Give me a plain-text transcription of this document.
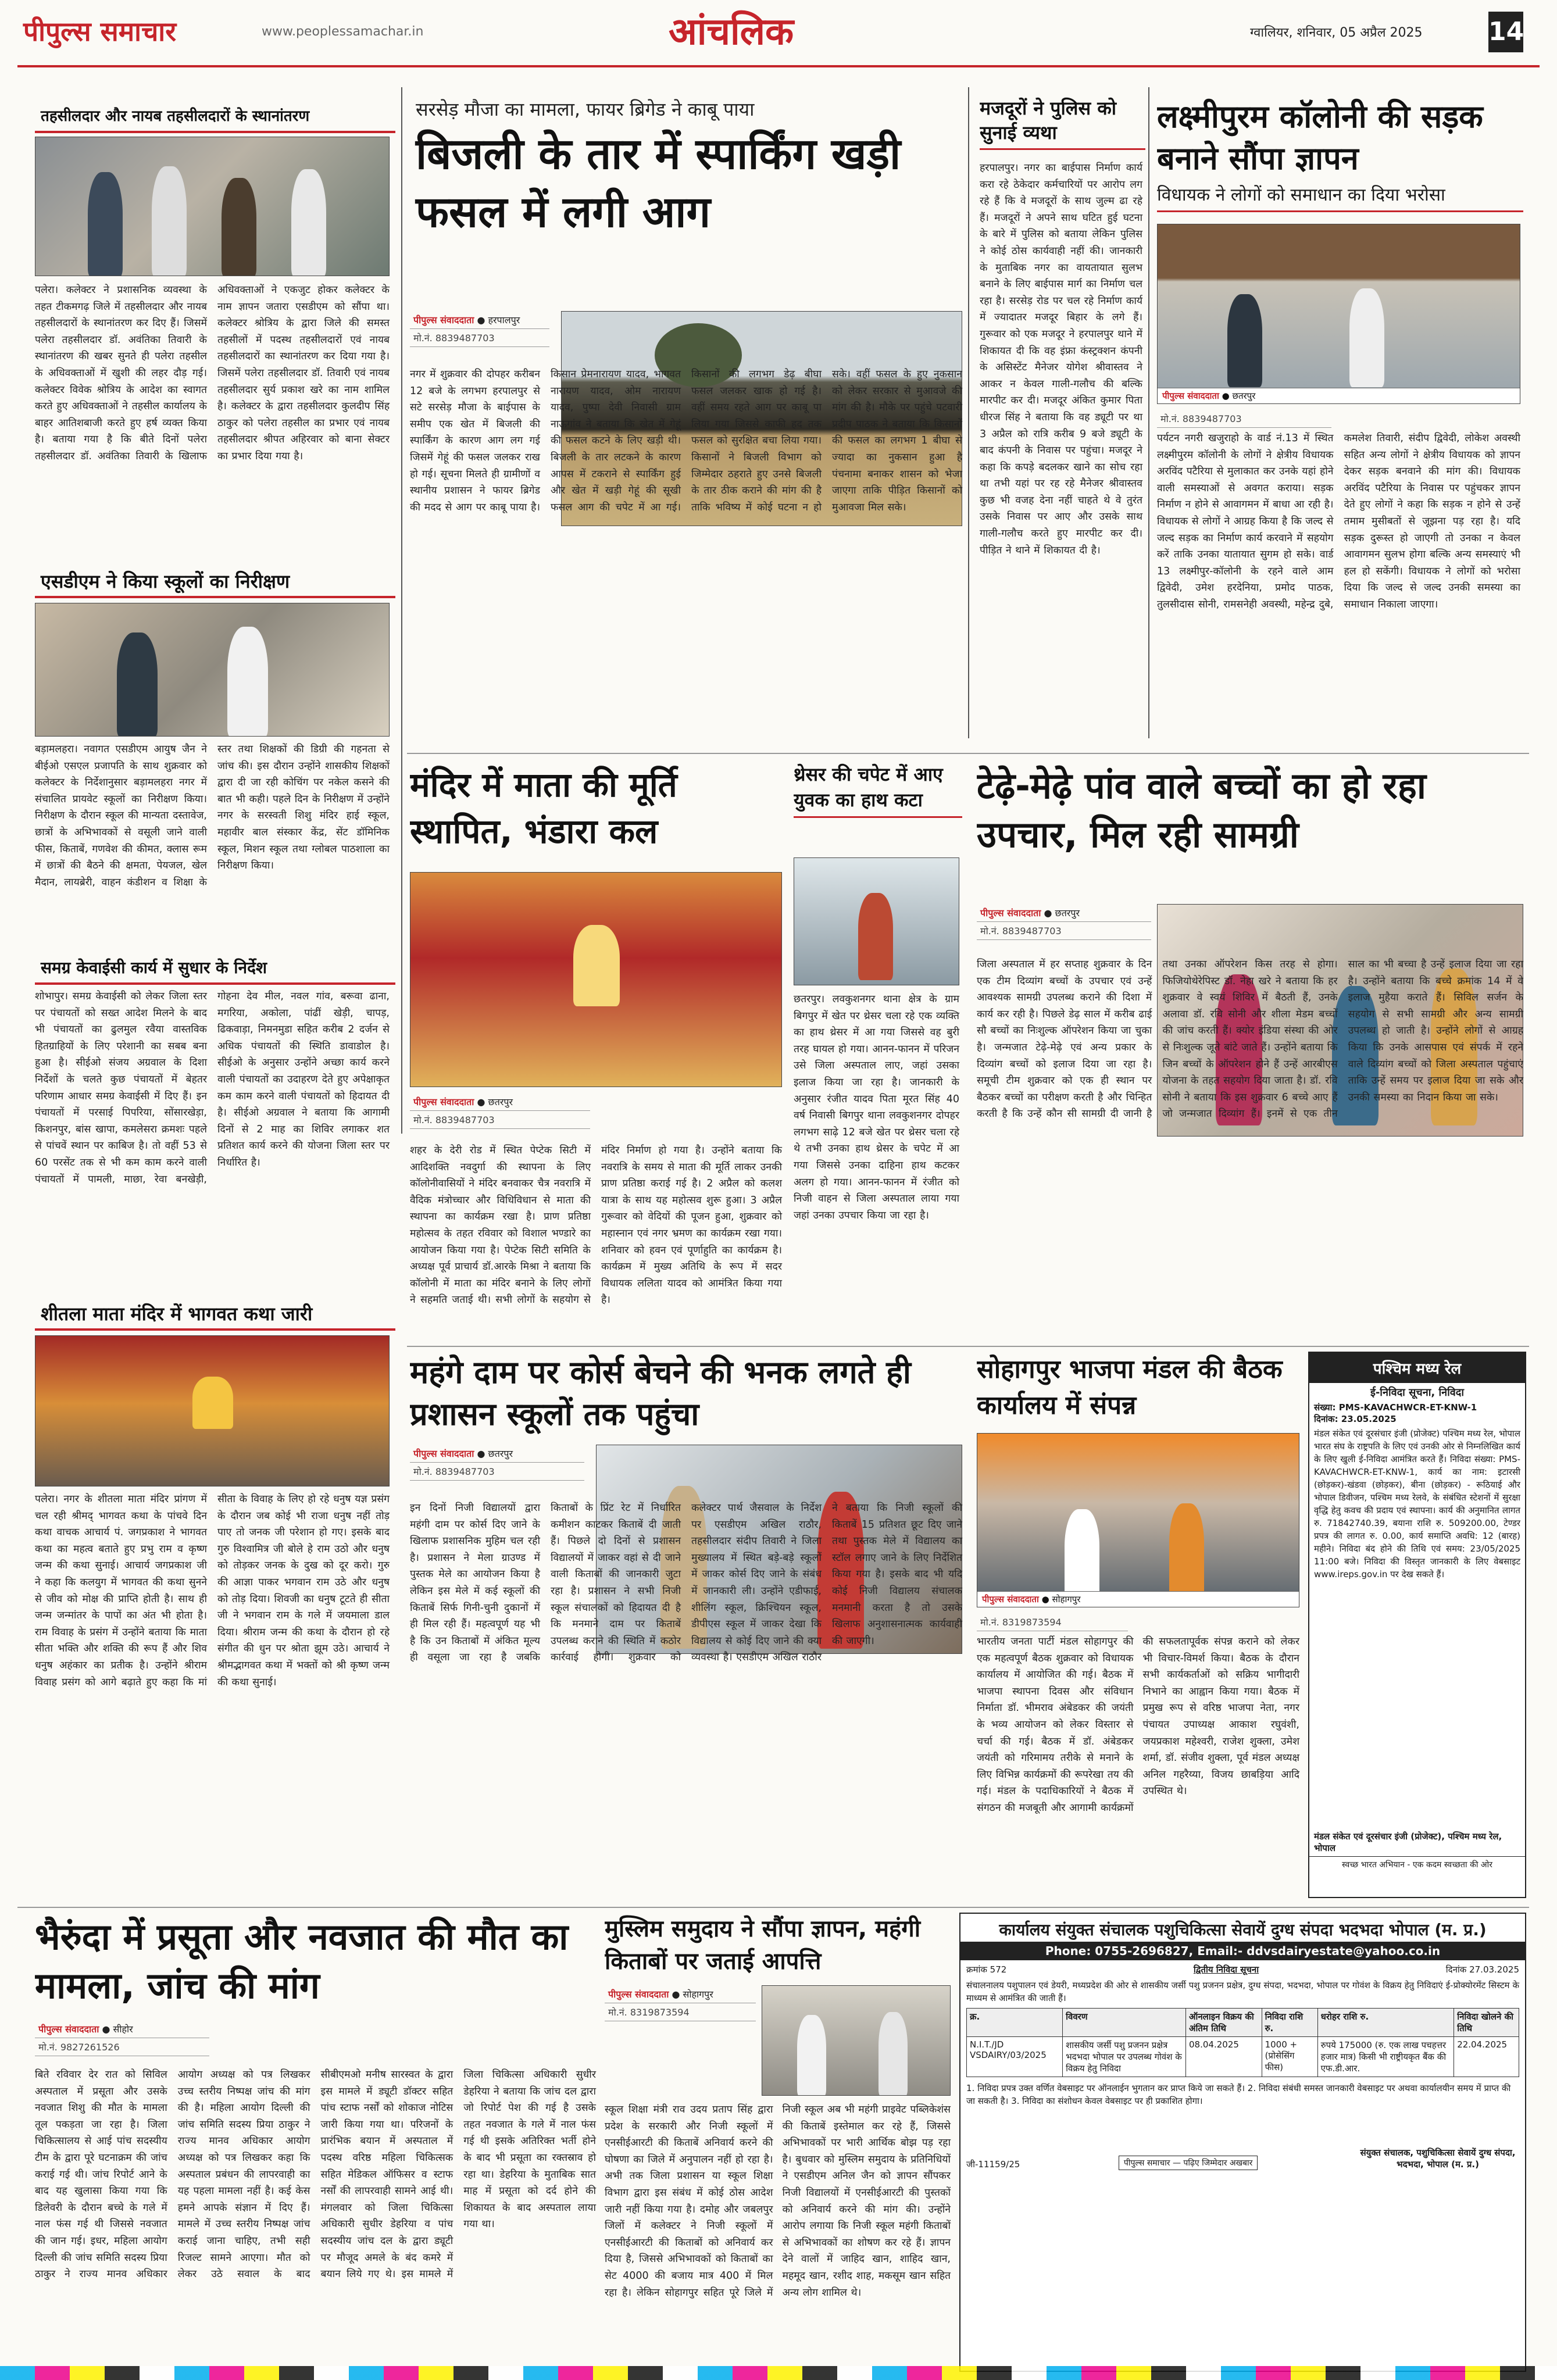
पीपुल्स समाचार	www.peoplessamachar.in	आंचलिक	ग्वालियर, शनिवार, 05 अप्रैल 2025	14
तहसीलदार और नायब तहसीलदारों के स्थानांतरण
पलेरा। कलेक्टर ने प्रशासनिक व्यवस्था के तहत टीकमगढ़ जिले में तहसीलदार और नायब तहसीलदारों के स्थानांतरण कर दिए हैं। जिसमें पलेरा तहसीलदार डॉ. अवंतिका तिवारी के स्थानांतरण की खबर सुनते ही पलेरा तहसील के अधिवक्ताओं में खुशी की लहर दौड़ गई। कलेक्टर विवेक श्रोत्रिय के आदेश का स्वागत करते हुए अधिवक्ताओं ने तहसील कार्यालय के बाहर आतिशबाजी करते हुए हर्ष व्यक्त किया है। बताया गया है कि बीते दिनों पलेरा तहसीलदार डॉ. अवंतिका तिवारी के खिलाफ अधिवक्ताओं ने एकजुट होकर कलेक्टर के नाम ज्ञापन जतारा एसडीएम को सौंपा था। कलेक्टर श्रोत्रिय के द्वारा जिले की समस्त तहसीलों में पदस्थ तहसीलदारों एवं नायब तहसीलदारों का स्थानांतरण कर दिया गया है। जिसमें पलेरा तहसीलदार डॉ. तिवारी एवं नायब तहसीलदार सुर्य प्रकाश खरे का नाम शामिल है। कलेक्टर के द्वारा तहसीलदार कुलदीप सिंह ठाकुर को पलेरा तहसील का प्रभार एवं नायब तहसीलदार श्रीपत अहिरवार को बाना सेक्टर का प्रभार दिया गया है।
एसडीएम ने किया स्कूलों का निरीक्षण
बड़ामलहरा। नवागत एसडीएम आयुष जैन ने बीईओ एसएल प्रजापति के साथ शुक्रवार को कलेक्टर के निर्देशानुसार बड़ामलहरा नगर में संचालित प्रायवेट स्कूलों का निरीक्षण किया। निरीक्षण के दौरान स्कूल की मान्यता दस्तावेज, छात्रों के अभिभावकों से वसूली जाने वाली फीस, किताबें, गणवेश की कीमत, क्लास रूम में छात्रों की बैठने की क्षमता, पेयजल, खेल मैदान, लायब्रेरी, वाहन कंडीशन व शिक्षा के स्तर तथा शिक्षकों की डिग्री की गहनता से जांच की। इस दौरान उन्होंने शासकीय शिक्षकों द्वारा दी जा रही कोचिंग पर नकेल कसने की बात भी कही। पहले दिन के निरीक्षण में उन्होंने नगर के सरस्वती शिशु मंदिर हाई स्कूल, महावीर बाल संस्कार केंद्र, सेंट डॉमिनिक स्कूल, मिशन स्कूल तथा ग्लोबल पाठशाला का निरीक्षण किया।
समग्र केवाईसी कार्य में सुधार के निर्देश
शोभापुर। समग्र केवाईसी को लेकर जिला स्तर पर पंचायतों को सख्त आदेश मिलने के बाद भी पंचायतों का ढुलमुल रवैया वास्तविक हितग्राहियों के लिए परेशानी का सबब बना हुआ है। सीईओ संजय अग्रवाल के दिशा निर्देशों के चलते कुछ पंचायतों में बेहतर परिणाम आधार समग्र केवाईसी में दिए हैं। इन पंचायतों में परसाई पिपरिया, सोंसारखेड़ा, किशनपुर, बांस खापा, कमलेसरा क्रमशः पहले से पांचवें स्थान पर काबिज है। तो वहीं 53 से 60 परसेंट तक से भी कम काम करने वाली पंचायतों में पामली, माछा, रेवा बनखेड़ी, गोहना देव मील, नवल गांव, बरूवा ढाना, मगरिया, अकोला, पांढीं खेड़ी, चापड़, ढिकवाड़ा, निमनमुडा सहित करीब 2 दर्जन से अधिक पंचायतों की स्थिति डावाडोल है। सीईओ के अनुसार उन्होंने अच्छा कार्य करने वाली पंचायतों का उदाहरण देते हुए अपेक्षाकृत कम काम करने वाली पंचायतों को हिदायत दी है। सीईओ अग्रवाल ने बताया कि आगामी दिनों से 2 माह का शिविर लगाकर शत प्रतिशत कार्य करने की योजना जिला स्तर पर निर्धारित है।
शीतला माता मंदिर में भागवत कथा जारी
पलेरा। नगर के शीतला माता मंदिर प्रांगण में चल रही श्रीमद् भागवत कथा के पांचवे दिन कथा वाचक आचार्य पं. जगप्रकाश ने भागवत कथा का महत्व बताते हुए प्रभु राम व कृष्ण जन्म की कथा सुनाई। आचार्य जगप्रकाश जी ने कहा कि कलयुग में भागवत की कथा सुनने से जीव को मोक्ष की प्राप्ति होती है। साथ ही जन्म जन्मांतर के पापों का अंत भी होता है। राम विवाह के प्रसंग में उन्होंने बताया कि माता सीता भक्ति और शक्ति की रूप हैं और शिव धनुष अहंकार का प्रतीक है। उन्होंने श्रीराम विवाह प्रसंग को आगे बढ़ाते हुए कहा कि मां सीता के विवाह के लिए हो रहे धनुष यज्ञ प्रसंग के दौरान जब कोई भी राजा धनुष नहीं तोड़ पाए तो जनक जी परेशान हो गए। इसके बाद गुरु विश्वामित्र जी बोले हे राम उठो और धनुष को तोड़कर जनक के दुख को दूर करो। गुरु की आज्ञा पाकर भगवान राम उठे और धनुष को तोड़ दिया। शिवजी का धनुष टूटते ही सीता जी ने भगवान राम के गले में जयमाला डाल दिया। श्रीराम जन्म की कथा के दौरान हो रहे संगीत की धुन पर श्रोता झूम उठे। आचार्य ने श्रीमद्भागवत कथा में भक्तों को श्री कृष्ण जन्म की कथा सुनाई।
सरसेड़ मौजा का मामला, फायर ब्रिगेड ने काबू पाया
बिजली के तार में स्पार्किंग खड़ी फसल में लगी आग
पीपुल्स संवाददाता ● हरपालपुर
मो.नं. 8839487703
नगर में शुक्रवार की दोपहर करीबन 12 बजे के लगभग हरपालपुर से सटे सरसेड़ मौजा के बाईपास के समीप एक खेत में बिजली की स्पार्किंग के कारण आग लग गई जिसमें गेहूं की फसल जलकर राख हो गई। सूचना मिलते ही ग्रामीणों व स्थानीय प्रशासन ने फायर ब्रिगेड की मदद से आग पर काबू पाया है। किसान प्रेमनारायण यादव, भागवत नारायण यादव, ओम नारायण यादव, पुष्पा देवी निवासी ग्राम नाऊगांव ने बताया कि खेत में गेहूं की फसल कटने के लिए खड़ी थी। बिजली के तार लटकने के कारण आपस में टकराने से स्पार्किंग हुई और खेत में खड़ी गेहूं की सूखी फसल आग की चपेट में आ गई। किसानों की लगभग डेढ़ बीघा फसल जलकर खाक हो गई है। वहीं समय रहते आग पर काबू पा लिया गया जिससे काफी हद तक फसल को सुरक्षित बचा लिया गया। किसानों ने बिजली विभाग को जिम्मेदार ठहराते हुए उनसे बिजली के तार ठीक कराने की मांग की है ताकि भविष्य में कोई घटना न हो सके। वहीं फसल के हुए नुकसान को लेकर सरकार से मुआवजे की मांग की है। मौके पर पहुंचे पटवारी प्रदीप पाठक ने बताया कि किसानों की फसल का लगभग 1 बीघा से ज्यादा का नुकसान हुआ है पंचनामा बनाकर शासन को भेजा जाएगा ताकि पीड़ित किसानों को मुआवजा मिल सके।
मजदूरों ने पुलिस को सुनाई व्यथा
हरपालपुर। नगर का बाईपास निर्माण कार्य करा रहे ठेकेदार कर्मचारियों पर आरोप लग रहे हैं कि वे मजदूरों के साथ जुल्म ढा रहे हैं। मजदूरों ने अपने साथ घटित हुई घटना के बारे में पुलिस को बताया लेकिन पुलिस ने कोई ठोस कार्यवाही नहीं की। जानकारी के मुताबिक नगर का वायतायात सुलभ बनाने के लिए बाईपास मार्ग का निर्माण चल रहा है। सरसेड़ रोड पर चल रहे निर्माण कार्य में ज्यादातर मजदूर बिहार के लगे हैं। गुरूवार को एक मजदूर ने हरपालपुर थाने में शिकायत दी कि वह इंफ्रा कंस्ट्रक्शन कंपनी के असिस्टेंट मैनेजर योगेश श्रीवास्तव ने आकर न केवल गाली-गलौच की बल्कि मारपीट कर दी। मजदूर अंकित कुमार पिता धीरज सिंह ने बताया कि वह ड्यूटी पर था 3 अप्रैल को रात्रि करीब 9 बजे ड्यूटी के बाद कंपनी के निवास पर पहुंचा। मजदूर ने कहा कि कपड़े बदलकर खाने का सोच रहा था तभी यहां पर रह रहे मैनेजर श्रीवास्तव कुछ भी वजह देना नहीं चाहते थे वे तुरंत उसके निवास पर आए और उसके साथ गाली-गलौच करते हुए मारपीट कर दी। पीड़ित ने थाने में शिकायत दी है।
लक्ष्मीपुरम कॉलोनी की सड़क बनाने सौंपा ज्ञापन
विधायक ने लोगों को समाधान का दिया भरोसा
पीपुल्स संवाददाता ● छतरपुर
मो.नं. 8839487703
पर्यटन नगरी खजुराहो के वार्ड नं.13 में स्थित लक्ष्मीपुरम कॉलोनी के लोगों ने क्षेत्रीय विधायक अरविंद पटैरिया से मुलाकात कर उनके यहां होने वाली समस्याओं से अवगत कराया। सड़क निर्माण न होने से आवागमन में बाधा आ रही है। विधायक से लोगों ने आग्रह किया है कि जल्द से जल्द सड़क का निर्माण कार्य करवाने में सहयोग करें ताकि उनका यातायात सुगम हो सके। वार्ड 13 लक्ष्मीपुर-कॉलोनी के रहने वाले आम द्विवेदी, उमेश हरदेनिया, प्रमोद पाठक, तुलसीदास सोनी, रामसनेही अवस्थी, महेन्द्र दुबे, कमलेश तिवारी, संदीप द्विवेदी, लोकेश अवस्थी सहित अन्य लोगों ने क्षेत्रीय विधायक को ज्ञापन देकर सड़क बनवाने की मांग की। विधायक अरविंद पटैरिया के निवास पर पहुंचकर ज्ञापन देते हुए लोगों ने कहा कि सड़क न होने से उन्हें तमाम मुसीबतों से जूझना पड़ रहा है। यदि सड़क दुरूस्त हो जाएगी तो उनका न केवल आवागमन सुलभ होगा बल्कि अन्य समस्याएं भी हल हो सकेंगी। विधायक ने लोगों को भरोसा दिया कि जल्द से जल्द उनकी समस्या का समाधान निकाला जाएगा।
मंदिर में माता की मूर्ति स्थापित, भंडारा कल
पीपुल्स संवाददाता ● छतरपुर
मो.नं. 8839487703
शहर के देरी रोड में स्थित पेप्टेक सिटी में आदिशक्ति नवदुर्गा की स्थापना के लिए कॉलोनीवासियों ने मंदिर बनवाकर चैत्र नवरात्रि में वैदिक मंत्रोच्चार और विधिविधान से माता की स्थापना का कार्यक्रम रखा है। प्राण प्रतिष्ठा महोत्सव के तहत रविवार को विशाल भण्डारे का आयोजन किया गया है। पेप्टेक सिटी समिति के अध्यक्ष पूर्व प्राचार्य डॉ.आरके मिश्रा ने बताया कि कॉलोनी में माता का मंदिर बनाने के लिए लोगों ने सहमति जताई थी। सभी लोगों के सहयोग से मंदिर निर्माण हो गया है। उन्होंने बताया कि नवरात्रि के समय से माता की मूर्ति लाकर उनकी प्राण प्रतिष्ठा कराई गई है। 2 अप्रैल को कलश यात्रा के साथ यह महोत्सव शुरू हुआ। 3 अप्रैल गुरूवार को वेदियों की पूजन हुआ, शुक्रवार को महास्नान एवं नगर भ्रमण का कार्यक्रम रखा गया। शनिवार को हवन एवं पूर्णाहुति का कार्यक्रम है। कार्यक्रम में मुख्य अतिथि के रूप में सदर विधायक ललिता यादव को आमंत्रित किया गया है।
थ्रेसर की चपेट में आए युवक का हाथ कटा
छतरपुर। लवकुशनगर थाना क्षेत्र के ग्राम बिगपुर में खेत पर थ्रेसर चला रहे एक व्यक्ति का हाथ थ्रेसर में आ गया जिससे वह बुरी तरह घायल हो गया। आनन-फानन में परिजन उसे जिला अस्पताल लाए, जहां उसका इलाज किया जा रहा है। जानकारी के अनुसार रंजीत यादव पिता मूरत सिंह 40 वर्ष निवासी बिगपुर थाना लवकुशनगर दोपहर लगभग साढ़े 12 बजे खेत पर थ्रेसर चला रहे थे तभी उनका हाथ थ्रेसर के चपेट में आ गया जिससे उनका दाहिना हाथ कटकर अलग हो गया। आनन-फानन में रंजीत को निजी वाहन से जिला अस्पताल लाया गया जहां उनका उपचार किया जा रहा है।
टेढ़े-मेढ़े पांव वाले बच्चों का हो रहा उपचार, मिल रही सामग्री
पीपुल्स संवाददाता ● छतरपुर
मो.नं. 8839487703
जिला अस्पताल में हर सप्ताह शुक्रवार के दिन एक टीम दिव्यांग बच्चों के उपचार एवं उन्हें आवश्यक सामग्री उपलब्ध कराने की दिशा में कार्य कर रही है। पिछले डेढ़ साल में करीब ढाई सौ बच्चों का निःशुल्क ऑपरेशन किया जा चुका है। जन्मजात टेढ़े-मेढ़े एवं अन्य प्रकार के दिव्यांग बच्चों को इलाज दिया जा रहा है। समूची टीम शुक्रवार को एक ही स्थान पर बैठकर बच्चों का परीक्षण करती है और चिन्हित करती है कि उन्हें कौन सी सामग्री दी जानी है तथा उनका ऑपरेशन किस तरह से होगा। फिजियोथेरेपिस्ट डॉ. नेहा खरे ने बताया कि हर शुक्रवार वे स्वयं शिविर में बैठती हैं, उनके अलावा डॉ. रवि सोनी और शीला मेडम बच्चों की जांच करती हैं। क्योर इंडिया संस्था की ओर से निःशुल्क जूते बांटे जाते हैं। उन्होंने बताया कि जिन बच्चों के ऑपरेशन होने हैं उन्हें आरबीएस योजना के तहत सहयोग दिया जाता है। डॉ. रवि सोनी ने बताया कि इस शुक्रवार 6 बच्चे आए हैं जो जन्मजात दिव्यांग हैं। इनमें से एक तीन साल का भी बच्चा है उन्हें इलाज दिया जा रहा है। उन्होंने बताया कि बच्चे क्रमांक 14 में वे इलाज मुहैया कराते हैं। सिविल सर्जन के सहयोग से सभी सामग्री और अन्य सामग्री उपलब्ध हो जाती है। उन्होंने लोगों से आग्रह किया कि उनके आसपास एवं संपर्क में रहने वाले दिव्यांग बच्चों को जिला अस्पताल पहुंचाएं ताकि उन्हें समय पर इलाज दिया जा सके और उनकी समस्या का निदान किया जा सके।
महंगे दाम पर कोर्स बेचने की भनक लगते ही प्रशासन स्कूलों तक पहुंचा
पीपुल्स संवाददाता ● छतरपुर
मो.नं. 8839487703
इन दिनों निजी विद्यालयों द्वारा महंगी दाम पर कोर्स दिए जाने के खिलाफ प्रशासनिक मुहिम चल रही है। प्रशासन ने मेला ग्राउण्ड में पुस्तक मेले का आयोजन किया है लेकिन इस मेले में कई स्कूलों की किताबें सिर्फ गिनी-चुनी दुकानों में ही मिल रही हैं। महत्वपूर्ण यह भी है कि उन किताबों में अंकित मूल्य ही वसूला जा रहा है जबकि किताबों के प्रिंट रेट में निर्धारित कमीशन काटकर किताबें दी जाती हैं। पिछले दो दिनों से प्रशासन विद्यालयों में जाकर वहां से दी जाने वाली किताबों की जानकारी जुटा रहा है। प्रशासन ने सभी निजी स्कूल संचालकों को हिदायत दी है कि मनमाने दाम पर किताबें उपलब्ध कराने की स्थिति में कठोर कार्रवाई होगी। शुक्रवार को कलेक्टर पार्थ जैसवाल के निर्देश पर एसडीएम अखिल राठौर, तहसीलदार संदीप तिवारी ने जिला मुख्यालय में स्थित बड़े-बड़े स्कूलों में जाकर कोर्स दिए जाने के संबंध में जानकारी ली। उन्होंने एडीफाई, शीलिंग स्कूल, क्रिश्चियन स्कूल, डीपीएस स्कूल में जाकर देखा कि विद्यालय से कोई दिए जाने की क्या व्यवस्था है। एसडीएम अखिल राठौर ने बताया कि निजी स्कूलों की किताबें 15 प्रतिशत छूट दिए जाने तथा पुस्तक मेले में विद्यालय का स्टॉल लगाए जाने के लिए निर्देशित किया गया है। इसके बाद भी यदि कोई निजी विद्यालय संचालक मनमानी करता है तो उसके खिलाफ अनुशासनात्मक कार्यवाही की जाएगी।
सोहागपुर भाजपा मंडल की बैठक कार्यालय में संपन्न
पीपुल्स संवाददाता ● सोहागपुर
मो.नं. 8319873594
भारतीय जनता पार्टी मंडल सोहागपुर की एक महत्वपूर्ण बैठक शुक्रवार को विधायक कार्यालय में आयोजित की गई। बैठक में भाजपा स्थापना दिवस और संविधान निर्माता डॉ. भीमराव अंबेडकर की जयंती के भव्य आयोजन को लेकर विस्तार से चर्चा की गई। बैठक में डॉ. अंबेडकर जयंती को गरिमामय तरीके से मनाने के लिए विभिन्न कार्यक्रमों की रूपरेखा तय की गई। मंडल के पदाधिकारियों ने बैठक में संगठन की मजबूती और आगामी कार्यक्रमों की सफलतापूर्वक संपन्न कराने को लेकर भी विचार-विमर्श किया। बैठक के दौरान सभी कार्यकर्ताओं को सक्रिय भागीदारी निभाने का आह्वान किया गया। बैठक में प्रमुख रूप से वरिष्ठ भाजपा नेता, नगर पंचायत उपाध्यक्ष आकाश रघुवंशी, जयप्रकाश महेश्वरी, राजेश शुक्ला, उमेश शर्मा, डॉ. संजीव शुक्ला, पूर्व मंडल अध्यक्ष अनिल गहरैय्या, विजय छाबड़िया आदि उपस्थित थे।
पश्चिम मध्य रेल
ई-निविदा सूचना, निविदा
संख्या: PMS-KAVACHWCR-ET-KNW-1
दिनांक: 23.05.2025
मंडल संकेत एवं दूरसंचार इंजी (प्रोजेक्ट) पश्चिम मध्य रेल, भोपाल भारत संघ के राष्ट्रपति के लिए एवं उनकी ओर से निम्नलिखित कार्य के लिए खुली ई-निविदा आमंत्रित करते हैं। निविदा संख्या: PMS-KAVACHWCR-ET-KNW-1, कार्य का नाम: इटारसी (छोड़कर)-खंडवा (छोड़कर), बीना (छोड़कर) - रूठियाई और भोपाल डिवीजन, पश्चिम मध्य रेलवे, के संबंधित स्टेशनों में सुरक्षा वृद्धि हेतु कवच की प्रदाय एवं स्थापना। कार्य की अनुमानित लागत रु. 71842740.39, बयाना राशि रु. 509200.00, टेण्डर प्रपत्र की लागत रु. 0.00, कार्य समाप्ति अवधि: 12 (बारह) महीने। निविदा बंद होने की तिथि एवं समय: 23/05/2025 11:00 बजे। निविदा की विस्तृत जानकारी के लिए वेबसाइट www.ireps.gov.in पर देख सकते हैं।
मंडल संकेत एवं दूरसंचार इंजी (प्रोजेक्ट), पश्चिम मध्य रेल, भोपाल
स्वच्छ भारत अभियान - एक कदम स्वच्छता की ओर
भैरुंदा में प्रसूता और नवजात की मौत का मामला, जांच की मांग
पीपुल्स संवाददाता ● सीहोर
मो.नं. 9827261526
बिते रविवार देर रात को सिविल अस्पताल में प्रसूता और उसके नवजात शिशु की मौत के मामला तूल पकड़ता जा रहा है। जिला चिकित्सालय से आई पांच सदस्यीय टीम के द्वारा पूरे घटनाक्रम की जांच कराई गई थी। जांच रिपोर्ट आने के बाद यह खुलासा किया गया कि डिलेवरी के दौरान बच्चे के गले में नाल फंस गई थी जिससे नवजात की जान गई। इधर, महिला आयोग दिल्ली की जांच समिति सदस्य प्रिया ठाकुर ने राज्य मानव अधिकार आयोग अध्यक्ष को पत्र लिखकर उच्च स्तरीय निष्पक्ष जांच की मांग की है। महिला आयोग दिल्ली की जांच समिति सदस्य प्रिया ठाकुर ने राज्य मानव अधिकार आयोग अध्यक्ष को पत्र लिखकर कहा कि अस्पताल प्रबंधन की लापरवाही का यह पहला मामला नहीं है। कई केस हमने आपके संज्ञान में दिए हैं। मामले में उच्च स्तरीय निष्पक्ष जांच कराई जाना चाहिए, तभी सही रिजल्ट सामने आएगा। मौत को लेकर उठे सवाल के बाद सीबीएमओ मनीष सारस्वत के द्वारा इस मामले में ड्यूटी डॉक्टर सहित पांच स्टाफ नर्सों को शोकाज नोटिस जारी किया गया था। परिजनों के प्रारंभिक बयान में अस्पताल में पदस्थ वरिष्ठ महिला चिकित्सक सहित मेडिकल ऑफिसर व स्टाफ नर्सों की लापरवाही सामने आई थी। मंगलवार को जिला चिकित्सा अधिकारी सुधीर डेहरिया व पांच सदस्यीय जांच दल के द्वारा ड्यूटी पर मौजूद अमले के बंद कमरे में बयान लिये गए थे। इस मामले में जिला चिकित्सा अधिकारी सुधीर डेहरिया ने बताया कि जांच दल द्वारा जो रिपोर्ट पेश की गई है उसके तहत नवजात के गले में नाल फंस गई थी इसके अतिरिक्त भर्ती होने के बाद भी प्रसूता का रक्तस्राव हो रहा था। डेहरिया के मुताबिक सात माह में प्रसूता को दर्द होने की शिकायत के बाद अस्पताल लाया गया था।
मुस्लिम समुदाय ने सौंपा ज्ञापन, महंगी किताबों पर जताई आपत्ति
पीपुल्स संवाददाता ● सोहागपुर
मो.नं. 8319873594
स्कूल शिक्षा मंत्री राव उदय प्रताप सिंह द्वारा प्रदेश के सरकारी और निजी स्कूलों में एनसीईआरटी की किताबें अनिवार्य करने की घोषणा का जिले में अनुपालन नहीं हो रहा है। अभी तक जिला प्रशासन या स्कूल शिक्षा विभाग द्वारा इस संबंध में कोई ठोस आदेश जारी नहीं किया गया है। दमोह और जबलपुर जिलों में कलेक्टर ने निजी स्कूलों में एनसीईआरटी की किताबों को अनिवार्य कर दिया है, जिससे अभिभावकों को किताबों का सेट 4000 की बजाय मात्र 400 में मिल रहा है। लेकिन सोहागपुर सहित पूरे जिले में निजी स्कूल अब भी महंगी प्राइवेट पब्लिकेशंस की किताबें इस्तेमाल कर रहे हैं, जिससे अभिभावकों पर भारी आर्थिक बोझ पड़ रहा है। बुधवार को मुस्लिम समुदाय के प्रतिनिधियों ने एसडीएम अनिल जैन को ज्ञापन सौंपकर निजी विद्यालयों में एनसीईआरटी की पुस्तकों को अनिवार्य करने की मांग की। उन्होंने आरोप लगाया कि निजी स्कूल महंगी किताबों से अभिभावकों का शोषण कर रहे हैं। ज्ञापन देने वालों में जाहिद खान, शाहिद खान, महमूद खान, रशीद शाह, मकसूम खान सहित अन्य लोग शामिल थे।
कार्यालय संयुक्त संचालक पशुचिकित्सा सेवायें दुग्ध संपदा भदभदा भोपाल (म. प्र.)
Phone: 0755-2696827, Email:- ddvsdairyestate@yahoo.co.in
क्रमांक 572	द्वितीय निविदा सूचना	दिनांक 27.03.2025
संचालनालय पशुपालन एवं डेयरी, मध्यप्रदेश की ओर से शासकीय जर्सी पशु प्रजनन प्रक्षेत्र, दुग्ध संपदा, भदभदा, भोपाल पर गोवंश के विक्रय हेतु निविदाएं ई-प्रोक्योरमेंट सिस्टम के माध्यम से आमंत्रित की जाती हैं।
क्र.	विवरण	ऑनलाइन विक्रय की अंतिम तिथि	निविदा राशि रु.	धरोहर राशि रु.	निविदा खोलने की तिथि
N.I.T./JD VSDAIRY/03/2025	शासकीय जर्सी पशु प्रजनन प्रक्षेत्र भदभदा भोपाल पर उपलब्ध गोवंश के विक्रय हेतु निविदा	08.04.2025	1000 + (प्रोसेसिंग फीस)	रुपये 175000 (रु. एक लाख पचहत्तर हजार मात्र) किसी भी राष्ट्रीयकृत बैंक की एफ.डी.आर.	22.04.2025
1. निविदा प्रपत्र उक्त वर्णित वेबसाइट पर ऑनलाईन भुगतान कर प्राप्त किये जा सकते हैं। 2. निविदा संबंधी समस्त जानकारी वेबसाइट पर अथवा कार्यालयीन समय में प्राप्त की जा सकती है। 3. निविदा का संशोधन केवल वेबसाइट पर ही प्रकाशित होगा।
जी-11159/25	पीपुल्स समाचार — पढ़िए जिम्मेदार अखबार
संयुक्त संचालक, पशुचिकित्सा सेवायें दुग्ध संपदा, भदभदा, भोपाल (म. प्र.)
